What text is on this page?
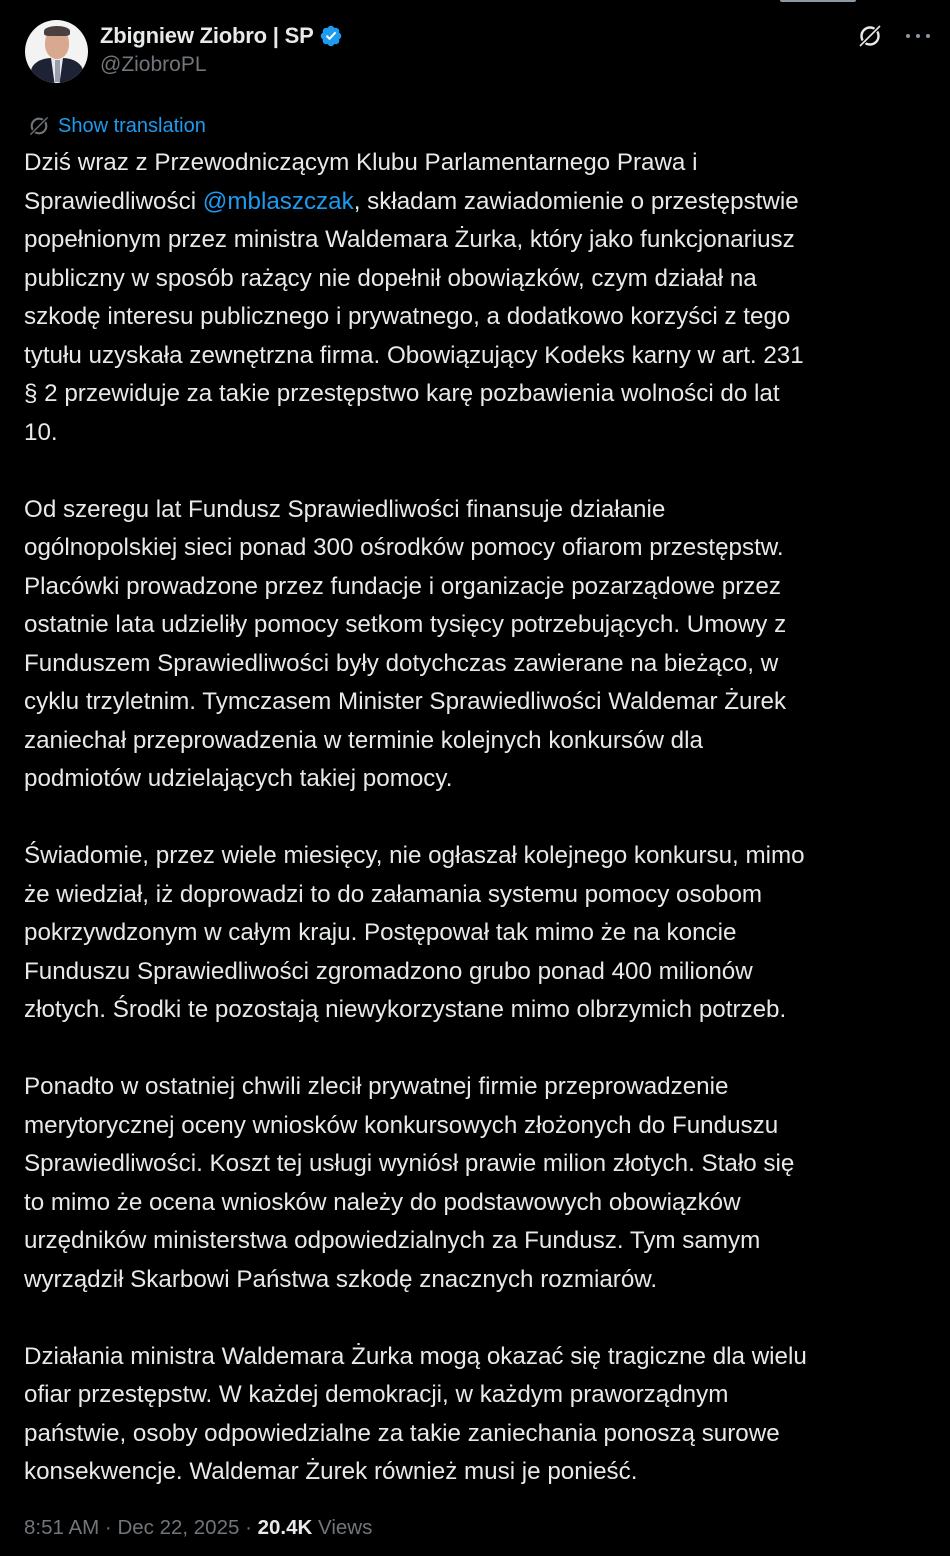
Zbigniew Ziobro | SP
@ZiobroPL
Show translation
Dziś wraz z Przewodniczącym Klubu Parlamentarnego Prawa i
Sprawiedliwości @mblaszczak, składam zawiadomienie o przestępstwie
popełnionym przez ministra Waldemara Żurka, który jako funkcjonariusz
publiczny w sposób rażący nie dopełnił obowiązków, czym działał na
szkodę interesu publicznego i prywatnego, a dodatkowo korzyści z tego
tytułu uzyskała zewnętrzna firma. Obowiązujący Kodeks karny w art. 231
§ 2 przewiduje za takie przestępstwo karę pozbawienia wolności do lat
10.
Od szeregu lat Fundusz Sprawiedliwości finansuje działanie
ogólnopolskiej sieci ponad 300 ośrodków pomocy ofiarom przestępstw.
Placówki prowadzone przez fundacje i organizacje pozarządowe przez
ostatnie lata udzieliły pomocy setkom tysięcy potrzebujących. Umowy z
Funduszem Sprawiedliwości były dotychczas zawierane na bieżąco, w
cyklu trzyletnim. Tymczasem Minister Sprawiedliwości Waldemar Żurek
zaniechał przeprowadzenia w terminie kolejnych konkursów dla
podmiotów udzielających takiej pomocy.
Świadomie, przez wiele miesięcy, nie ogłaszał kolejnego konkursu, mimo
że wiedział, iż doprowadzi to do załamania systemu pomocy osobom
pokrzywdzonym w całym kraju. Postępował tak mimo że na koncie
Funduszu Sprawiedliwości zgromadzono grubo ponad 400 milionów
złotych. Środki te pozostają niewykorzystane mimo olbrzymich potrzeb.
Ponadto w ostatniej chwili zlecił prywatnej firmie przeprowadzenie
merytorycznej oceny wniosków konkursowych złożonych do Funduszu
Sprawiedliwości. Koszt tej usługi wyniósł prawie milion złotych. Stało się
to mimo że ocena wniosków należy do podstawowych obowiązków
urzędników ministerstwa odpowiedzialnych za Fundusz. Tym samym
wyrządził Skarbowi Państwa szkodę znacznych rozmiarów.
Działania ministra Waldemara Żurka mogą okazać się tragiczne dla wielu
ofiar przestępstw. W każdej demokracji, w każdym praworządnym
państwie, osoby odpowiedzialne za takie zaniechania ponoszą surowe
konsekwencje. Waldemar Żurek również musi je ponieść.
8:51 AM · Dec 22, 2025 · 20.4K Views
